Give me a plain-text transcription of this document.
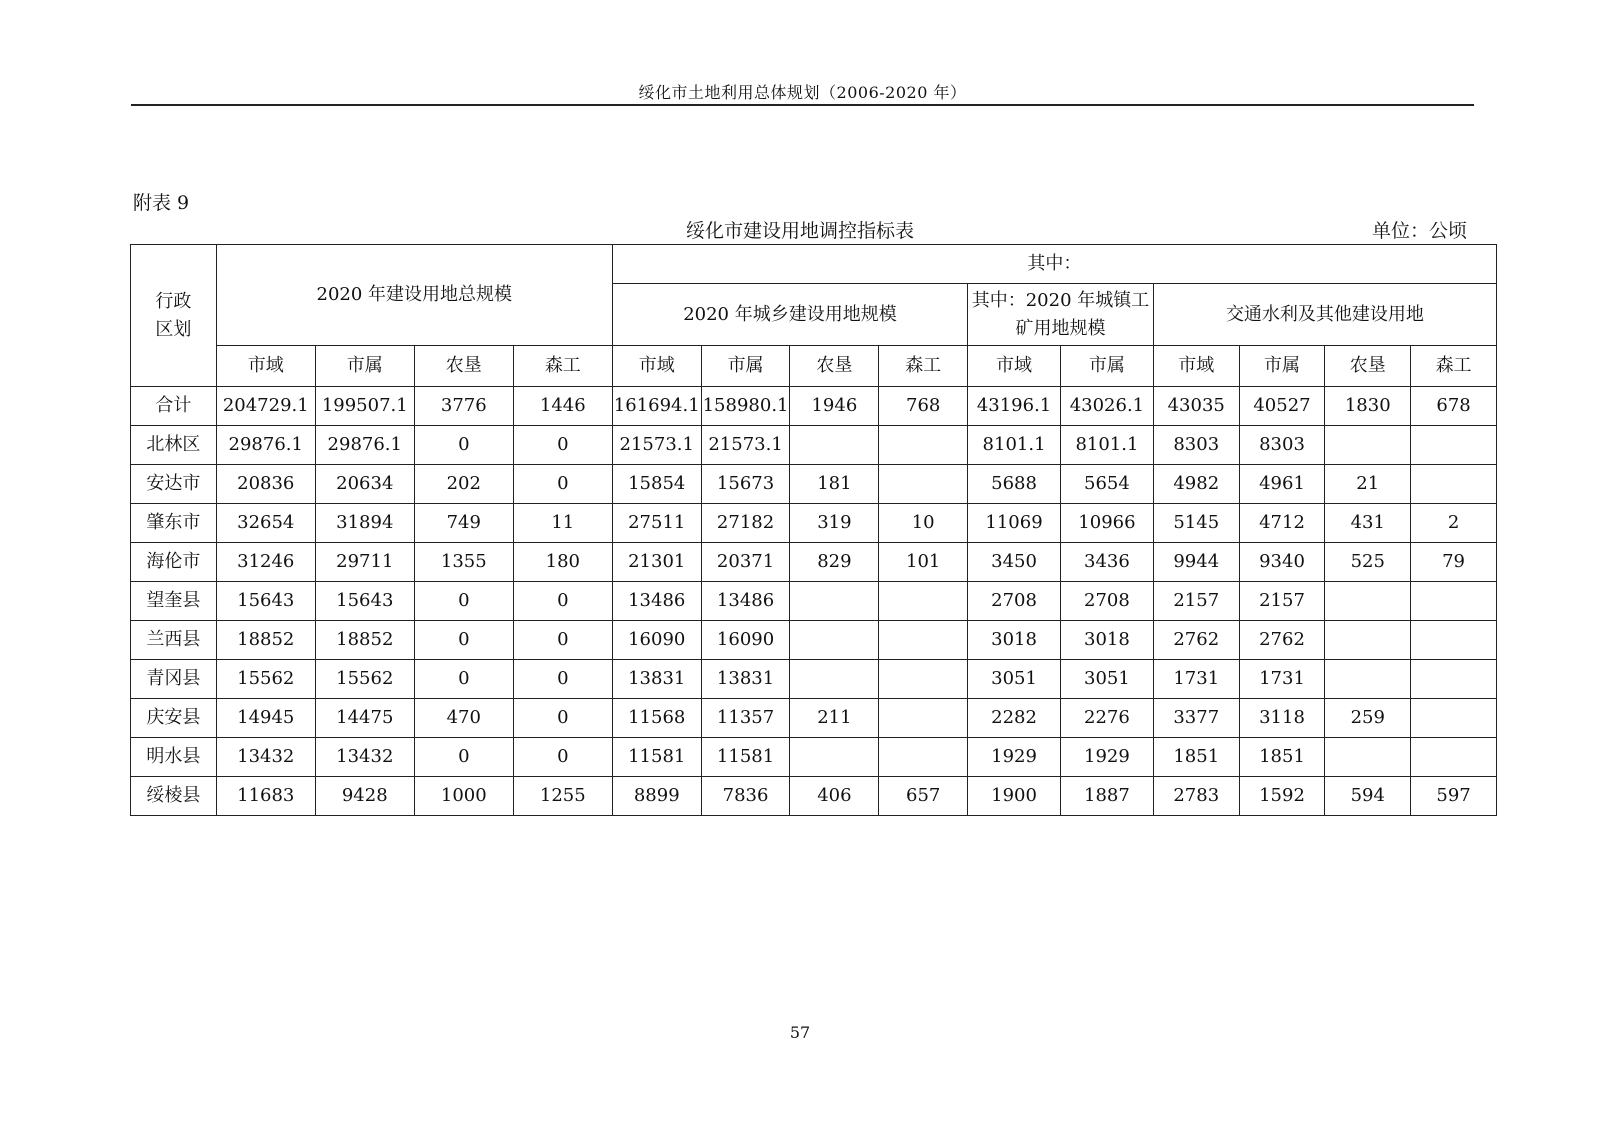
绥化市土地利用总体规划（2006-2020 年）
附表 9
绥化市建设用地调控指标表	单位：公顷
行政区划	2020 年建设用地总规模				其中：									
					2020 年城乡建设用地规模				其中：2020 年城镇工矿用地规模		交通水利及其他建设用地			
	市域	市属	农垦	森工	市域	市属	农垦	森工	市域	市属	市域	市属	农垦	森工
合计	204729.1	199507.1	3776	1446	161694.1	158980.1	1946	768	43196.1	43026.1	43035	40527	1830	678
北林区	29876.1	29876.1	0	0	21573.1	21573.1			8101.1	8101.1	8303	8303		
安达市	20836	20634	202	0	15854	15673	181		5688	5654	4982	4961	21	
肇东市	32654	31894	749	11	27511	27182	319	10	11069	10966	5145	4712	431	2
海伦市	31246	29711	1355	180	21301	20371	829	101	3450	3436	9944	9340	525	79
望奎县	15643	15643	0	0	13486	13486			2708	2708	2157	2157		
兰西县	18852	18852	0	0	16090	16090			3018	3018	2762	2762		
青冈县	15562	15562	0	0	13831	13831			3051	3051	1731	1731		
庆安县	14945	14475	470	0	11568	11357	211		2282	2276	3377	3118	259	
明水县	13432	13432	0	0	11581	11581			1929	1929	1851	1851		
绥棱县	11683	9428	1000	1255	8899	7836	406	657	1900	1887	2783	1592	594	597
57
